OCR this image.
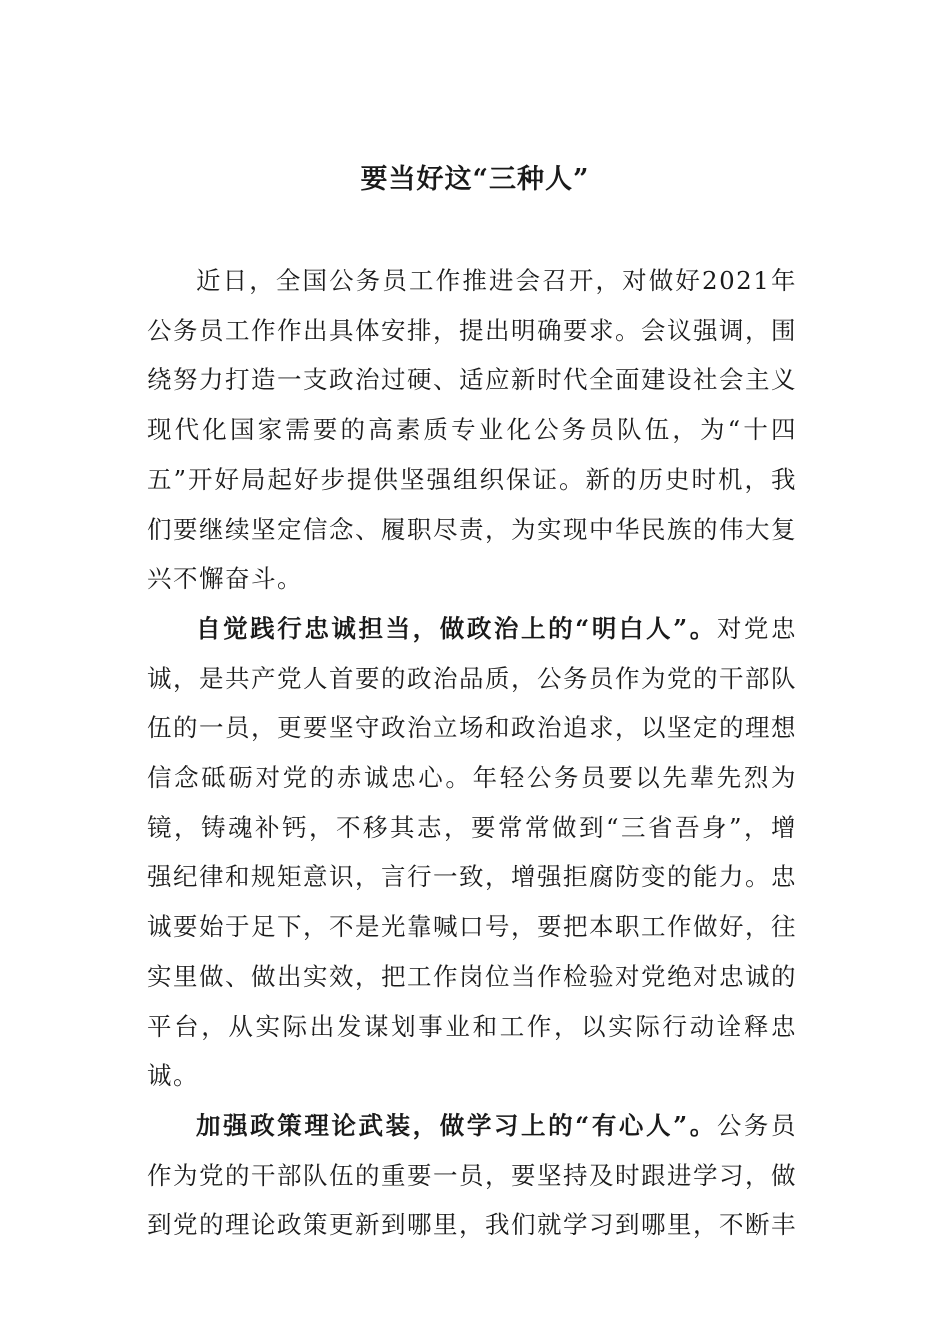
要当好这“三种人”

近日，全国公务员工作推进会召开，对做好2021年公务员工作作出具体安排，提出明确要求。会议强调，围绕努力打造一支政治过硬、适应新时代全面建设社会主义现代化国家需要的高素质专业化公务员队伍，为“十四五”开好局起好步提供坚强组织保证。新的历史时机，我们要继续坚定信念、履职尽责，为实现中华民族的伟大复兴不懈奋斗。

自觉践行忠诚担当，做政治上的“明白人”。对党忠诚，是共产党人首要的政治品质，公务员作为党的干部队伍的一员，更要坚守政治立场和政治追求，以坚定的理想信念砥砺对党的赤诚忠心。年轻公务员要以先辈先烈为镜，铸魂补钙，不移其志，要常常做到“三省吾身”，增强纪律和规矩意识，言行一致，增强拒腐防变的能力。忠诚要始于足下，不是光靠喊口号，要把本职工作做好，往实里做、做出实效，把工作岗位当作检验对党绝对忠诚的平台，从实际出发谋划事业和工作，以实际行动诠释忠诚。

加强政策理论武装，做学习上的“有心人”。公务员作为党的干部队伍的重要一员，要坚持及时跟进学习，做到党的理论政策更新到哪里，我们就学习到哪里，不断丰
